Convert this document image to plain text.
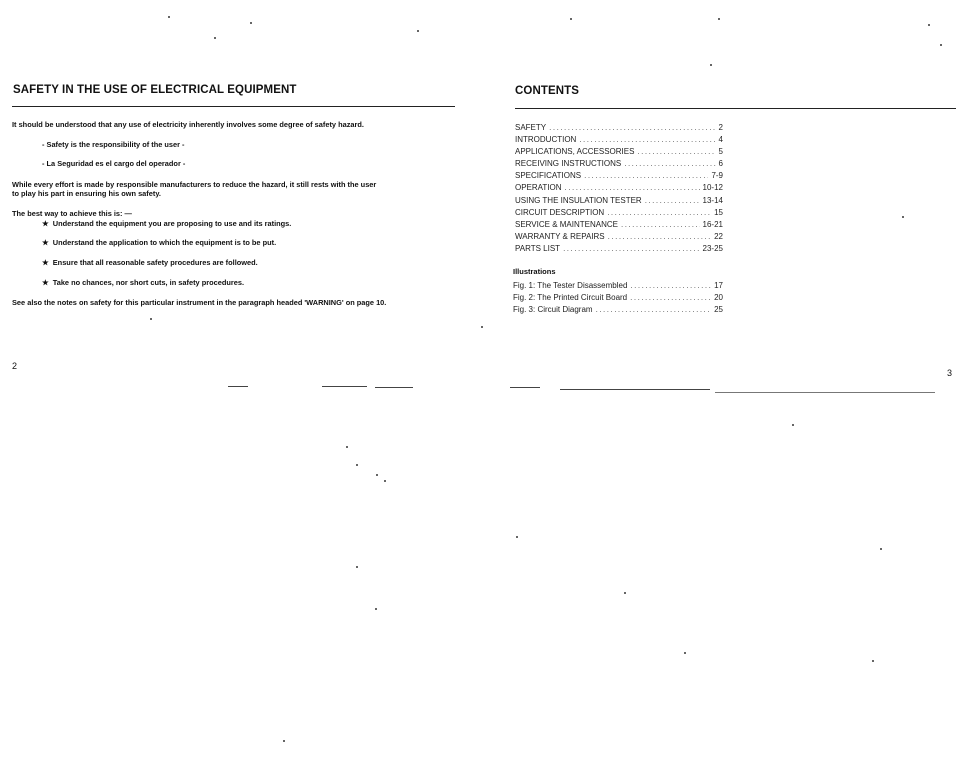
SAFETY IN THE USE OF ELECTRICAL EQUIPMENT
It should be understood that any use of electricity inherently involves some degree of safety hazard.
- Safety is the responsibility of the user -
- La Seguridad es el cargo del operador -
While every effort is made by responsible manufacturers to reduce the hazard, it still rests with the user
to play his part in ensuring his own safety.
The best way to achieve this is: —
★ Understand the equipment you are proposing to use and its ratings.
★ Understand the application to which the equipment is to be put.
★ Ensure that all reasonable safety procedures are followed.
★ Take no chances, nor short cuts, in safety procedures.
See also the notes on safety for this particular instrument in the paragraph headed 'WARNING' on page 10.
2
CONTENTS
SAFETY .....	2
INTRODUCTION .....	4
APPLICATIONS, ACCESSORIES .....	5
RECEIVING INSTRUCTIONS .....	6
SPECIFICATIONS .....	7-9
OPERATION .....	10-12
USING THE INSULATION TESTER .....	13-14
CIRCUIT DESCRIPTION .....	15
SERVICE & MAINTENANCE .....	16-21
WARRANTY & REPAIRS .....	22
PARTS LIST .....	23-25
Illustrations
Fig. 1: The Tester Disassembled .....	17
Fig. 2: The Printed Circuit Board .....	20
Fig. 3: Circuit Diagram .....	25
3
